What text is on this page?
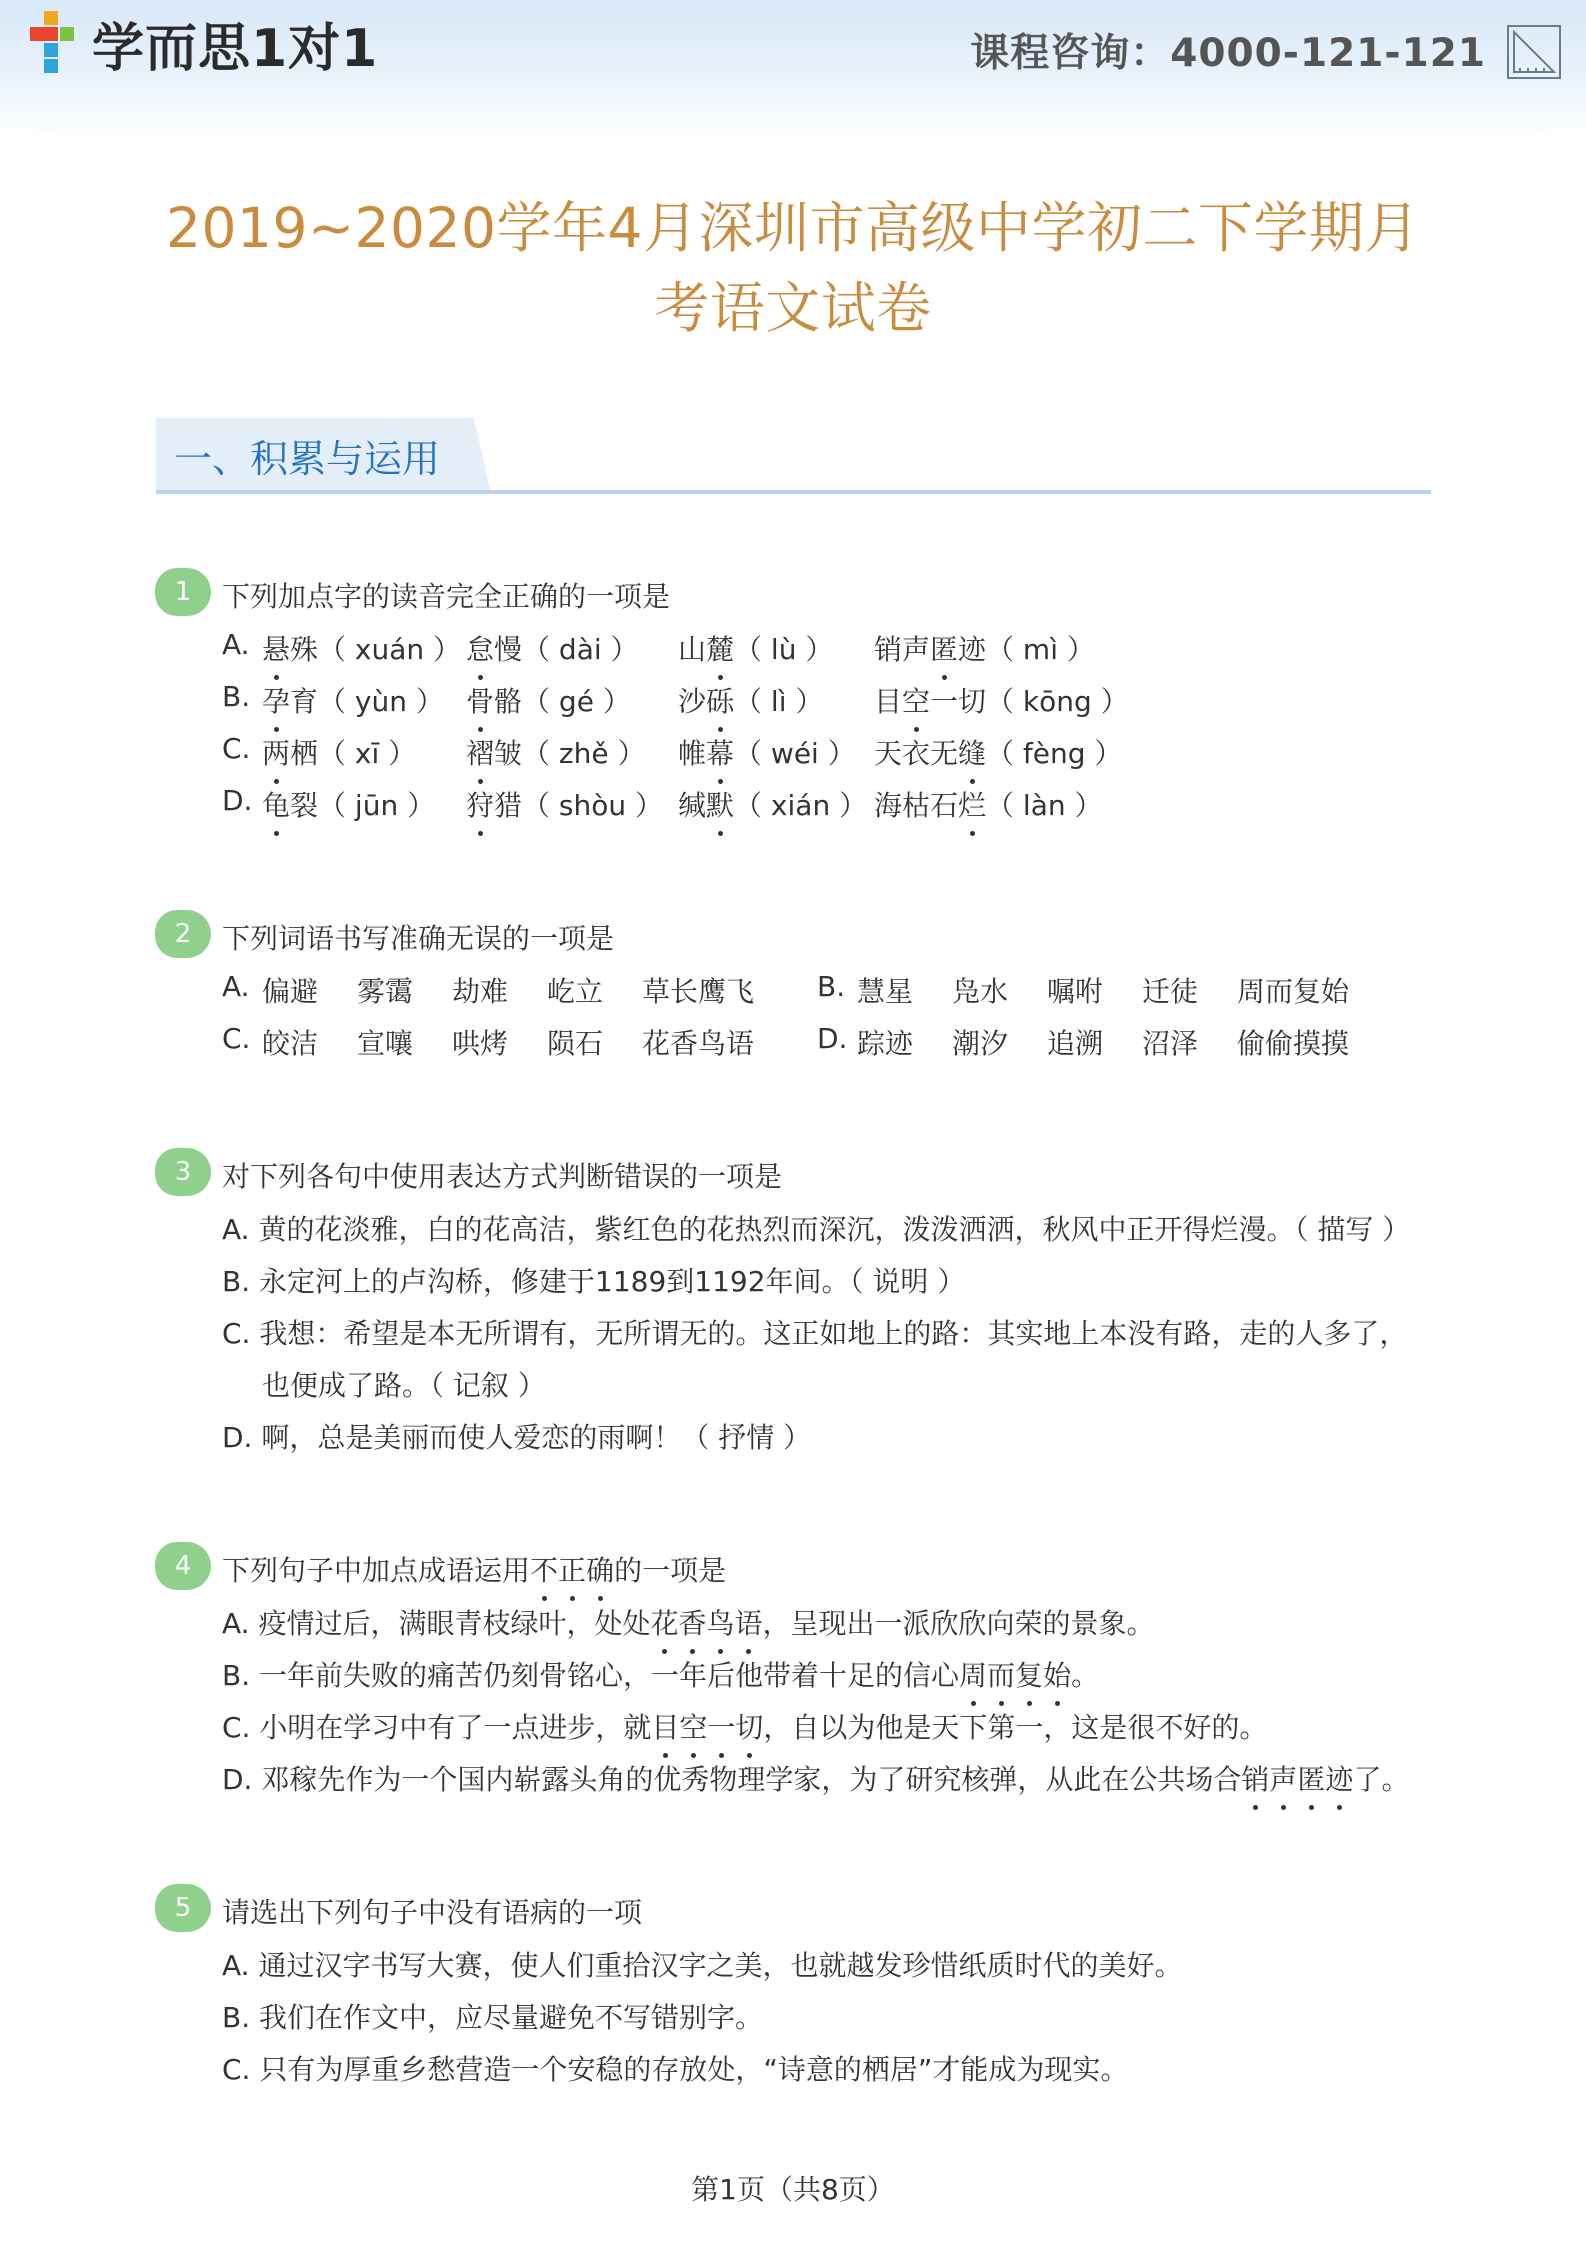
学而思1对1	课程咨询：4000-121-121
2019~2020学年4月深圳市高级中学初二下学期月
考语文试卷
一、积累与运用
1	下列加点字的读音完全正确的一项是
A. 悬殊（ xuán ） 怠慢（ dài ） 山麓（ lù ） 销声匿迹（ mì ）
B. 孕育（ yùn ） 骨骼（ gé ） 沙砾（ lì ） 目空一切（ kōng ）
C. 两栖（ xī ） 褶皱（ zhě ） 帷幕（ wéi ） 天衣无缝（ fèng ）
D. 龟裂（ jūn ） 狩猎（ shòu ） 缄默（ xián ） 海枯石烂（ làn ）
2	下列词语书写准确无误的一项是
A. 偏避 雾霭 劫难 屹立 草长鹰飞 B. 慧星 凫水 嘱咐 迁徒 周而复始
C. 皎洁 宣嚷 哄烤 陨石 花香鸟语 D. 踪迹 潮汐 追溯 沼泽 偷偷摸摸
3	对下列各句中使用表达方式判断错误的一项是
A. 黄的花淡雅，白的花高洁，紫红色的花热烈而深沉，泼泼洒洒，秋风中正开得烂漫。（ 描写 ）
B. 永定河上的卢沟桥，修建于1189到1192年间。（ 说明 ）
C. 我想：希望是本无所谓有，无所谓无的。这正如地上的路：其实地上本没有路，走的人多了，
也便成了路。（ 记叙 ）
D. 啊，总是美丽而使人爱恋的雨啊！（ 抒情 ）
4	下列句子中加点成语运用不正确的一项是
A. 疫情过后，满眼青枝绿叶，处处花香鸟语，呈现出一派欣欣向荣的景象。
B. 一年前失败的痛苦仍刻骨铭心，一年后他带着十足的信心周而复始。
C. 小明在学习中有了一点进步，就目空一切，自以为他是天下第一，这是很不好的。
D. 邓稼先作为一个国内崭露头角的优秀物理学家，为了研究核弹，从此在公共场合销声匿迹了。
5	请选出下列句子中没有语病的一项
A. 通过汉字书写大赛，使人们重拾汉字之美，也就越发珍惜纸质时代的美好。
B. 我们在作文中，应尽量避免不写错别字。
C. 只有为厚重乡愁营造一个安稳的存放处，“诗意的栖居”才能成为现实。
第1页（共8页）
